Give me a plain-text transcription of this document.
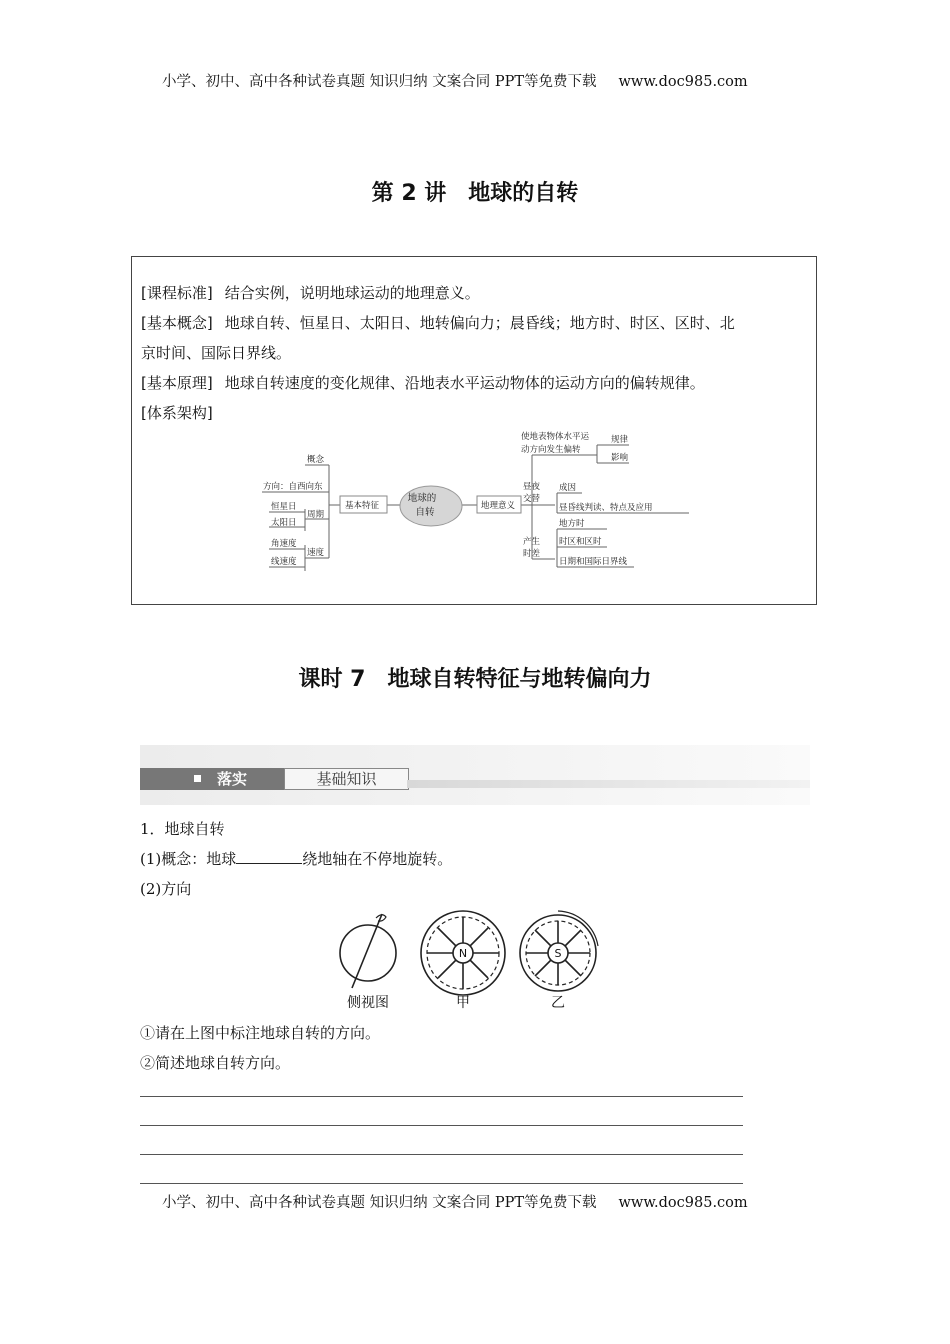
小学、初中、高中各种试卷真题 知识归纳 文案合同 PPT等免费下载 www.doc985.com
第 2 讲　地球的自转

[课程标准] 结合实例，说明地球运动的地理意义。

[基本概念] 地球自转、恒星日、太阳日、地转偏向力；晨昏线；地方时、时区、区时、北

京时间、国际日界线。

[基本原理] 地球自转速度的变化规律、沿地表水平运动物体的运动方向的偏转规律。

[体系架构]

概念
方向：自西向东
恒星日
太阳日
周期
角速度
线速度
速度
基本特征
地球的
自转
地理意义
使地表物体水平运
动方向发生偏转
规律
影响
昼夜
交替
成因
昼昏线判读、特点及应用
产生
时差
地方时
时区和区时
日期和国际日界线
课时 7　地球自转特征与地转偏向力
落实	基础知识
1．地球自转
(1)概念：地球	绕地轴在不停地旋转。
(2)方向
N	S
侧视图	甲	乙
①请在上图中标注地球自转的方向。
②简述地球自转方向。
小学、初中、高中各种试卷真题 知识归纳 文案合同 PPT等免费下载 www.doc985.com
